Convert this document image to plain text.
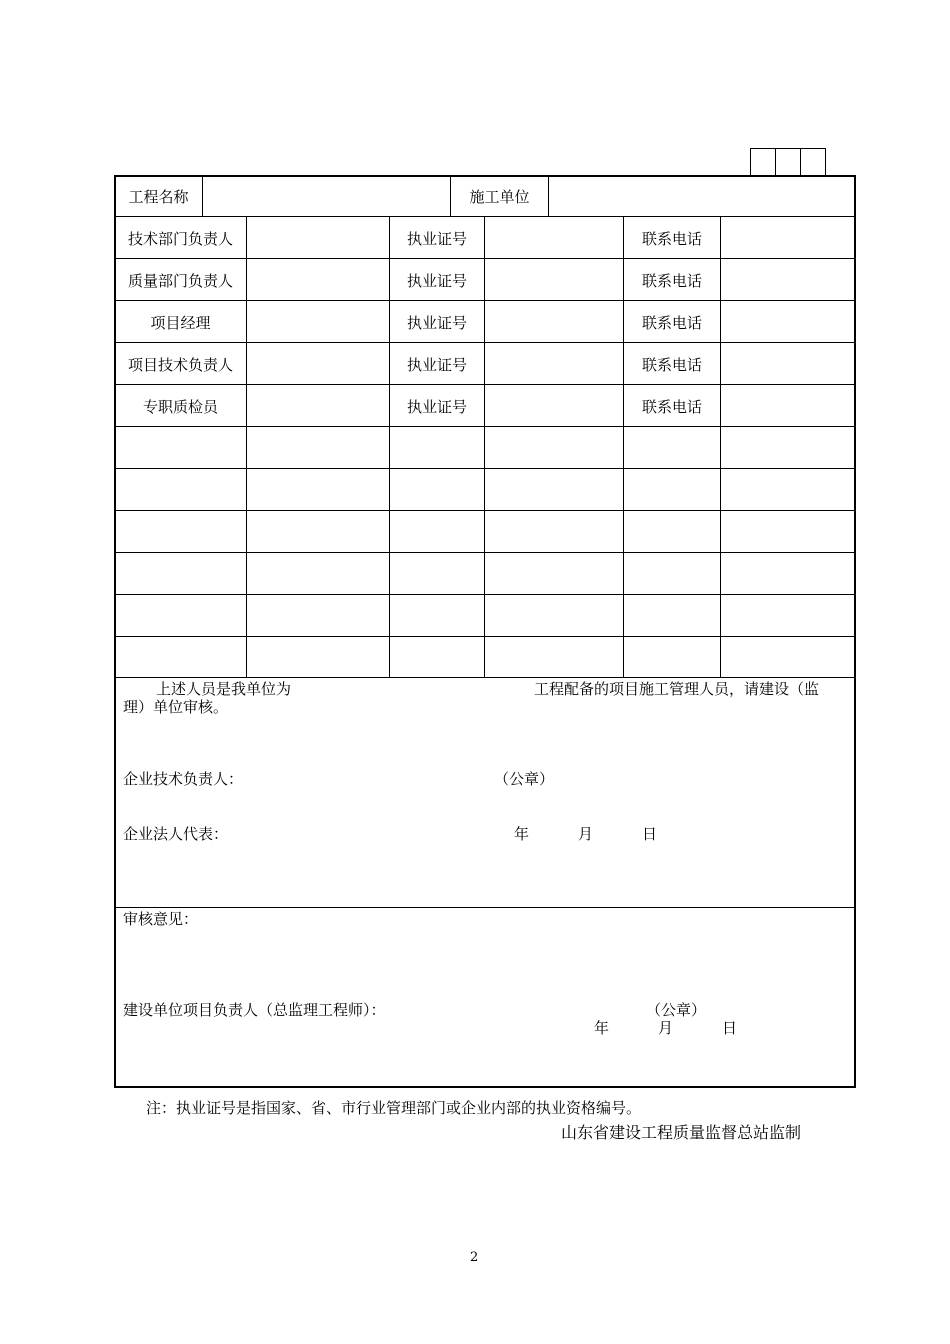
工程名称	施工单位
技术部门负责人	执业证号	联系电话
质量部门负责人	执业证号	联系电话
项目经理	执业证号	联系电话
项目技术负责人	执业证号	联系电话
专职质检员	执业证号	联系电话
上述人员是我单位为	工程配备的项目施工管理人员，请建设（监
理）单位审核。
企业技术负责人：	（公章）
企业法人代表：	年	月	日
审核意见：
建设单位项目负责人（总监理工程师）：	（公章）
年	月	日
注：执业证号是指国家、省、市行业管理部门或企业内部的执业资格编号。
山东省建设工程质量监督总站监制
2
